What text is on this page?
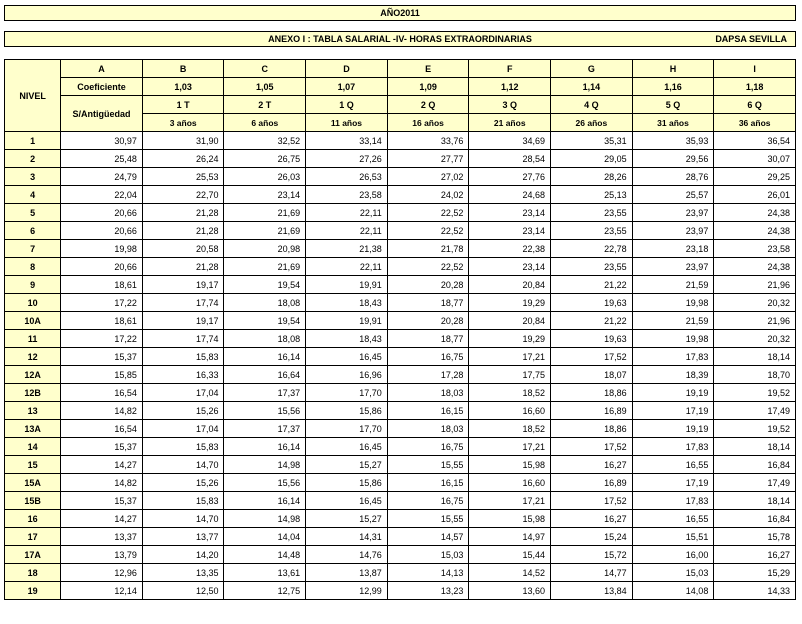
AÑO2011
ANEXO I : TABLA SALARIAL -IV- HORAS EXTRAORDINARIAS	DAPSA SEVILLA
NIVEL	A	B	C	D	E	F	G	H	I
	Coeficiente	1,03	1,05	1,07	1,09	1,12	1,14	1,16	1,18
	S/Antigüedad	1 T	2 T	1 Q	2 Q	3 Q	4 Q	5 Q	6 Q
		3 años	6 años	11 años	16 años	21 años	26 años	31 años	36 años
1	30,97	31,90	32,52	33,14	33,76	34,69	35,31	35,93	36,54
2	25,48	26,24	26,75	27,26	27,77	28,54	29,05	29,56	30,07
3	24,79	25,53	26,03	26,53	27,02	27,76	28,26	28,76	29,25
4	22,04	22,70	23,14	23,58	24,02	24,68	25,13	25,57	26,01
5	20,66	21,28	21,69	22,11	22,52	23,14	23,55	23,97	24,38
6	20,66	21,28	21,69	22,11	22,52	23,14	23,55	23,97	24,38
7	19,98	20,58	20,98	21,38	21,78	22,38	22,78	23,18	23,58
8	20,66	21,28	21,69	22,11	22,52	23,14	23,55	23,97	24,38
9	18,61	19,17	19,54	19,91	20,28	20,84	21,22	21,59	21,96
10	17,22	17,74	18,08	18,43	18,77	19,29	19,63	19,98	20,32
10A	18,61	19,17	19,54	19,91	20,28	20,84	21,22	21,59	21,96
11	17,22	17,74	18,08	18,43	18,77	19,29	19,63	19,98	20,32
12	15,37	15,83	16,14	16,45	16,75	17,21	17,52	17,83	18,14
12A	15,85	16,33	16,64	16,96	17,28	17,75	18,07	18,39	18,70
12B	16,54	17,04	17,37	17,70	18,03	18,52	18,86	19,19	19,52
13	14,82	15,26	15,56	15,86	16,15	16,60	16,89	17,19	17,49
13A	16,54	17,04	17,37	17,70	18,03	18,52	18,86	19,19	19,52
14	15,37	15,83	16,14	16,45	16,75	17,21	17,52	17,83	18,14
15	14,27	14,70	14,98	15,27	15,55	15,98	16,27	16,55	16,84
15A	14,82	15,26	15,56	15,86	16,15	16,60	16,89	17,19	17,49
15B	15,37	15,83	16,14	16,45	16,75	17,21	17,52	17,83	18,14
16	14,27	14,70	14,98	15,27	15,55	15,98	16,27	16,55	16,84
17	13,37	13,77	14,04	14,31	14,57	14,97	15,24	15,51	15,78
17A	13,79	14,20	14,48	14,76	15,03	15,44	15,72	16,00	16,27
18	12,96	13,35	13,61	13,87	14,13	14,52	14,77	15,03	15,29
19	12,14	12,50	12,75	12,99	13,23	13,60	13,84	14,08	14,33
